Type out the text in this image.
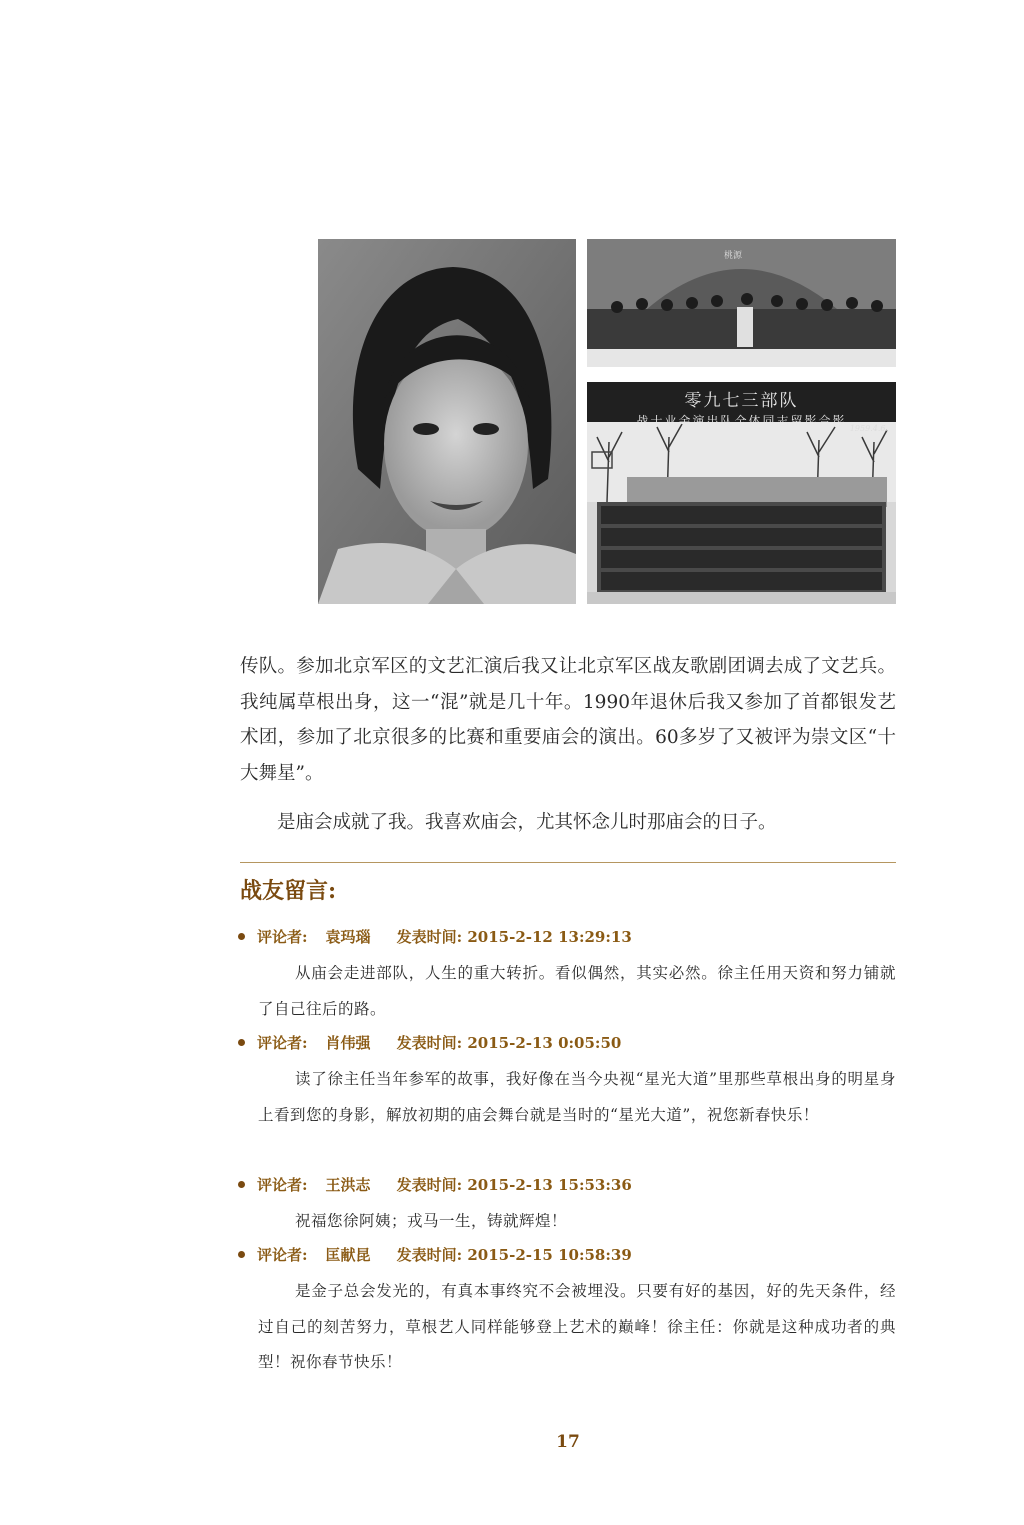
桃源
零九七三部队
战士业余演出队全体同志留影合影
1959.4.6.

传队。参加北京军区的文艺汇演后我又让北京军区战友歌剧团调去成了文艺兵。我纯属草根出身，这一“混”就是几十年。1990年退休后我又参加了首都银发艺术团，参加了北京很多的比赛和重要庙会的演出。60多岁了又被评为崇文区“十大舞星”。

是庙会成就了我。我喜欢庙会，尤其怀念儿时那庙会的日子。

战友留言:
评论者: 袁玛瑙 发表时间: 2015-2-12 13:29:13

从庙会走进部队，人生的重大转折。看似偶然，其实必然。徐主任用天资和努力铺就了自己往后的路。

评论者: 肖伟强 发表时间: 2015-2-13 0:05:50

读了徐主任当年参军的故事，我好像在当今央视“星光大道”里那些草根出身的明星身上看到您的身影，解放初期的庙会舞台就是当时的“星光大道”，祝您新春快乐！

评论者: 王洪志 发表时间: 2015-2-13 15:53:36

祝福您徐阿姨；戎马一生，铸就辉煌！

评论者: 匡献昆 发表时间: 2015-2-15 10:58:39

是金子总会发光的，有真本事终究不会被埋没。只要有好的基因，好的先天条件，经过自己的刻苦努力，草根艺人同样能够登上艺术的巅峰！徐主任：你就是这种成功者的典型！祝你春节快乐！

17
